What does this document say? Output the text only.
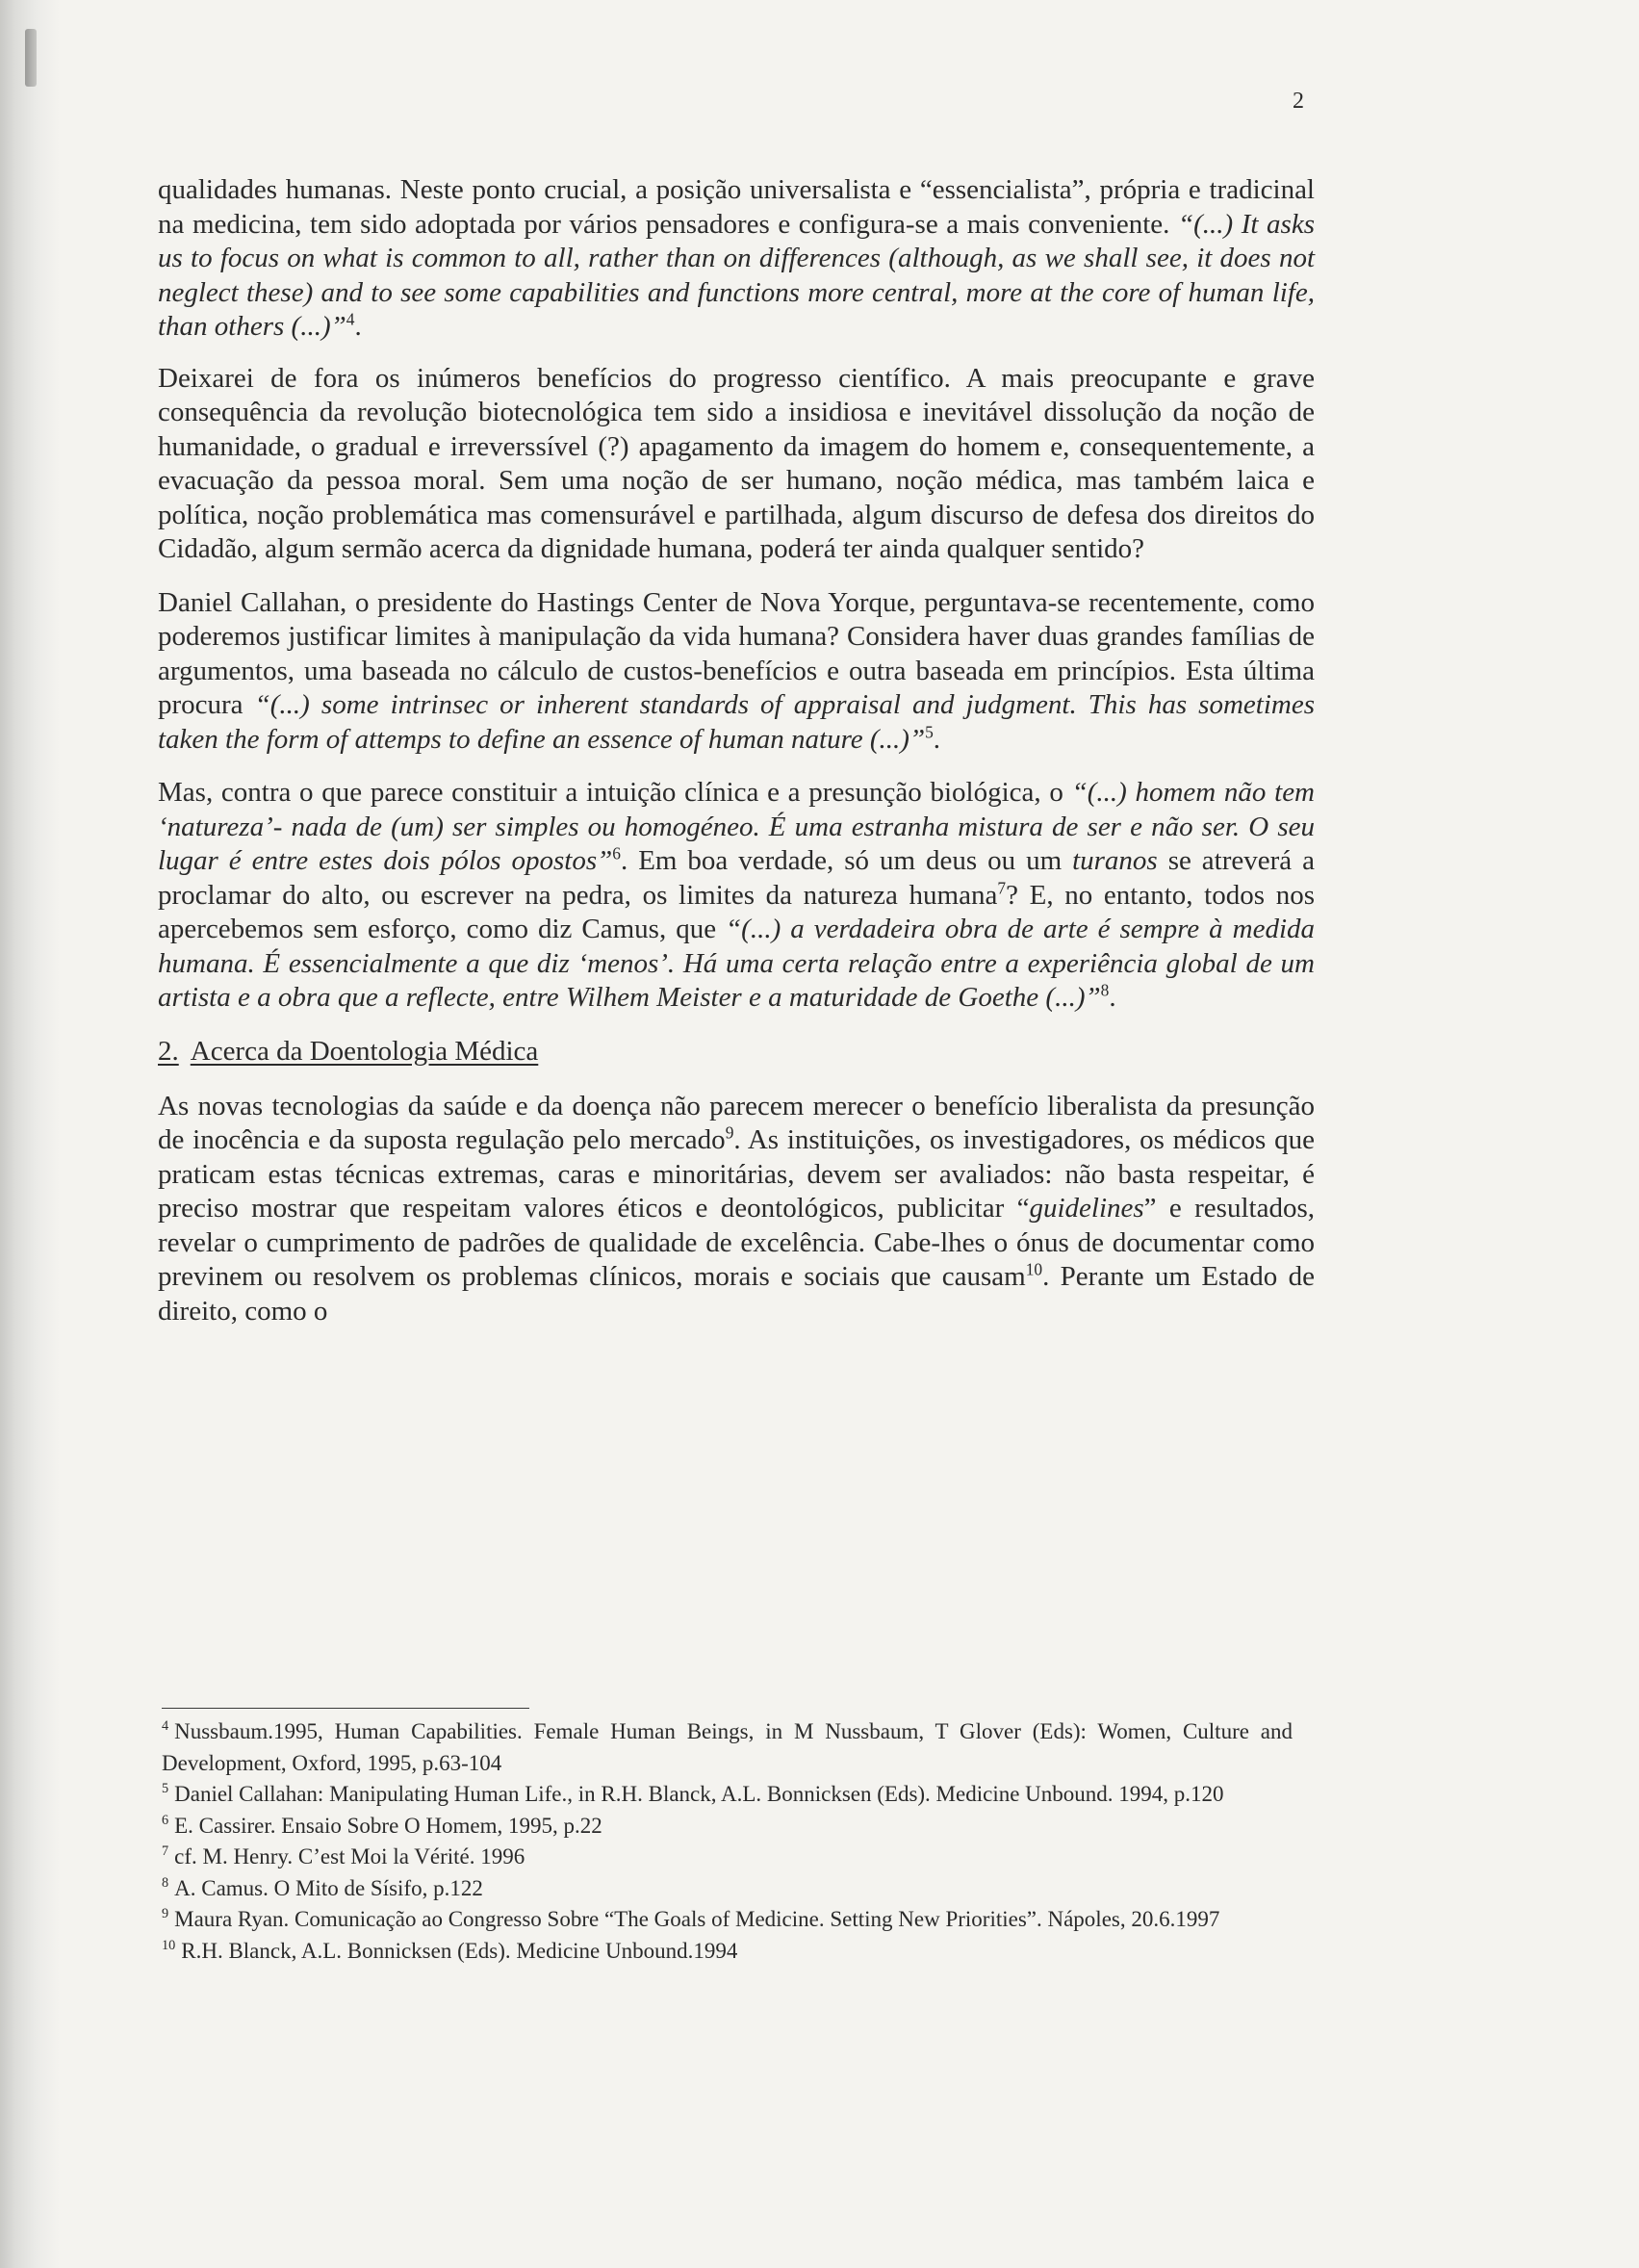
2

qualidades humanas. Neste ponto crucial, a posição universalista e “essencialista”, própria e tradicinal na medicina, tem sido adoptada por vários pensadores e configura-se a mais conveniente. “(...) It asks us to focus on what is common to all, rather than on differences (although, as we shall see, it does not neglect these) and to see some capabilities and functions more central, more at the core of human life, than others (...)”$^4$.

Deixarei de fora os inúmeros benefícios do progresso científico. A mais preocupante e grave consequência da revolução biotecnológica tem sido a insidiosa e inevitável dissolução da noção de humanidade, o gradual e irreverssível (?) apagamento da imagem do homem e, consequentemente, a evacuação da pessoa moral. Sem uma noção de ser humano, noção médica, mas também laica e política, noção problemática mas comensurável e partilhada, algum discurso de defesa dos direitos do Cidadão, algum sermão acerca da dignidade humana, poderá ter ainda qualquer sentido?

Daniel Callahan, o presidente do Hastings Center de Nova Yorque, perguntava-se recentemente, como poderemos justificar limites à manipulação da vida humana? Considera haver duas grandes famílias de argumentos, uma baseada no cálculo de custos-benefícios e outra baseada em princípios. Esta última procura “(...) some intrinsec or inherent standards of appraisal and judgment. This has sometimes taken the form of attemps to define an essence of human nature (...)”$^5$.

Mas, contra o que parece constituir a intuição clínica e a presunção biológica, o “(...) homem não tem ‘natureza’- nada de (um) ser simples ou homogéneo. É uma estranha mistura de ser e não ser. O seu lugar é entre estes dois pólos opostos”$^6$. Em boa verdade, só um deus ou um turanos se atreverá a proclamar do alto, ou escrever na pedra, os limites da natureza humana$^7$? E, no entanto, todos nos apercebemos sem esforço, como diz Camus, que “(...) a verdadeira obra de arte é sempre à medida humana. É essencialmente a que diz ‘menos’. Há uma certa relação entre a experiência global de um artista e a obra que a reflecte, entre Wilhem Meister e a maturidade de Goethe (...)”$^8$.

2. Acerca da Doentologia Médica

As novas tecnologias da saúde e da doença não parecem merecer o benefício liberalista da presunção de inocência e da suposta regulação pelo mercado$^9$. As instituições, os investigadores, os médicos que praticam estas técnicas extremas, caras e minoritárias, devem ser avaliados: não basta respeitar, é preciso mostrar que respeitam valores éticos e deontológicos, publicitar “guidelines” e resultados, revelar o cumprimento de padrões de qualidade de excelência. Cabe-lhes o ónus de documentar como previnem ou resolvem os problemas clínicos, morais e sociais que causam$^{10}$. Perante um Estado de direito, como o

$^4$ Nussbaum.1995, Human Capabilities. Female Human Beings, in M Nussbaum, T Glover (Eds): Women, Culture and Development, Oxford, 1995, p.63-104

$^5$ Daniel Callahan: Manipulating Human Life., in R.H. Blanck, A.L. Bonnicksen (Eds). Medicine Unbound. 1994, p.120

$^6$ E. Cassirer. Ensaio Sobre O Homem, 1995, p.22

$^7$ cf. M. Henry. C’est Moi la Vérité. 1996

$^8$ A. Camus. O Mito de Sísifo, p.122

$^9$ Maura Ryan. Comunicação ao Congresso Sobre “The Goals of Medicine. Setting New Priorities”. Nápoles, 20.6.1997

$^{10}$ R.H. Blanck, A.L. Bonnicksen (Eds). Medicine Unbound.1994
